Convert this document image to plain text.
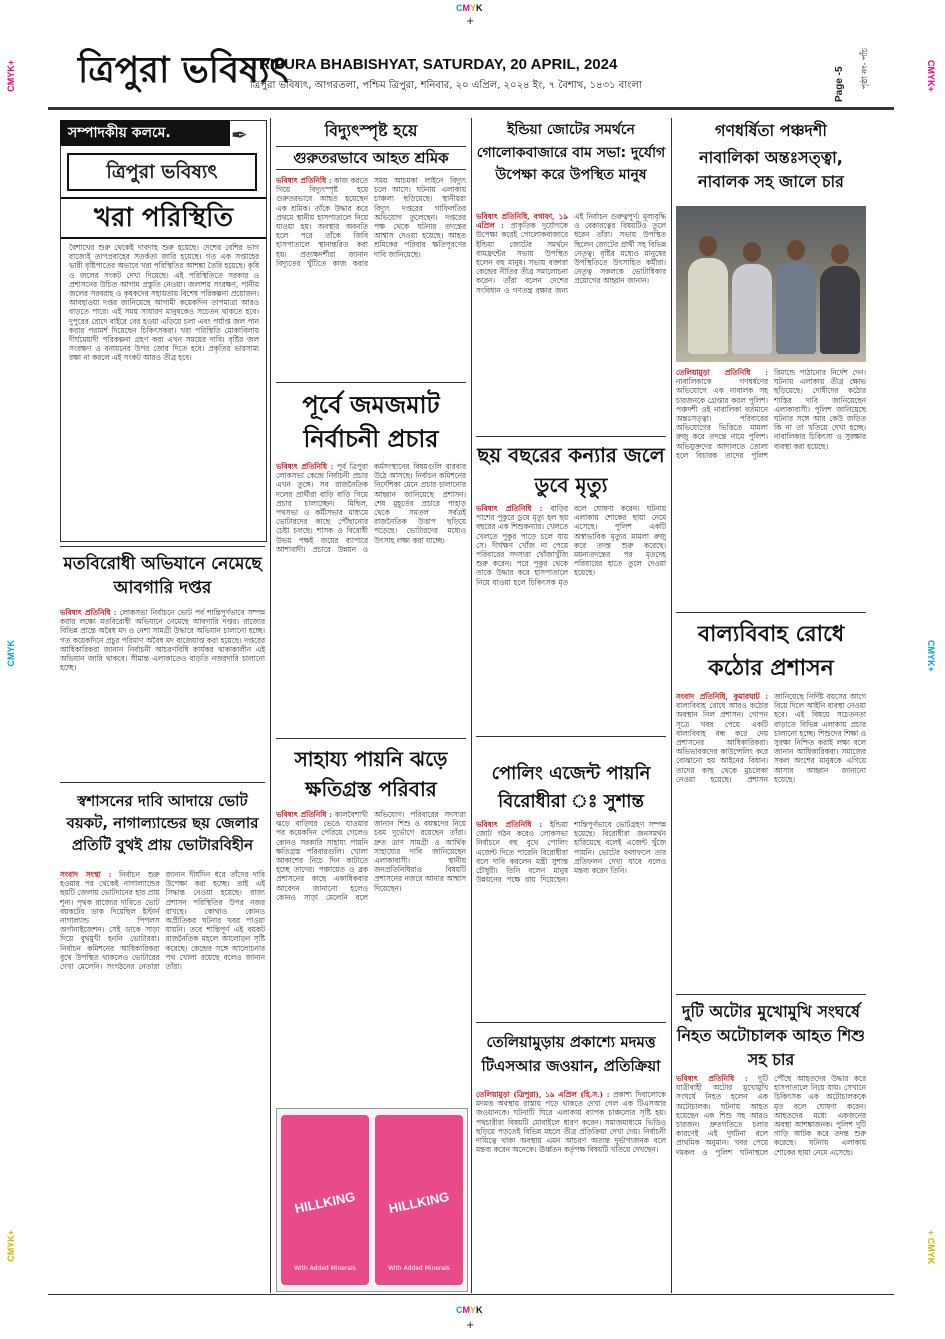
CMYK
+
CMYK
+
CMYK+
CMYK
CMYK+
CMYK+
CMYK+
+ CMYK
ত্রিপুরা ভবিষ্যৎ
TRIPURA BHABISHYAT, SATURDAY, 20 APRIL, 2024
ত্রিপুরা ভবিষ্যৎ, আগরতলা, পশ্চিম ত্রিপুরা, শনিবার, ২০ এপ্রিল, ২০২৪ ইং, ৭ বৈশাখ, ১৪৩১ বাংলা	Page -5	পৃষ্ঠা নং- পাঁচ
সম্পাদকীয় কলমে.	✒
ত্রিপুরা ভবিষ্যৎ
খরা পরিস্থিতি
বৈশাখের শুরু থেকেই দাবদাহ শুরু হয়েছে। দেশের বেশির ভাগ রাজ্যেই তাপপ্রবাহের সতর্কতা জারি হয়েছে। গত এক সপ্তাহের ভারী বৃষ্টিপাতের অভাবে খরা পরিস্থিতির আশঙ্কা তৈরি হয়েছে। কৃষি ও জলের সংকট দেখা দিয়েছে। এই পরিস্থিতিতে সরকার ও প্রশাসনের উচিত আগাম প্রস্তুতি নেওয়া। জলাশয় সংরক্ষণ, পানীয় জলের সরবরাহ ও কৃষকদের সহায়তায় বিশেষ পরিকল্পনা প্রয়োজন। আবহাওয়া দপ্তর জানিয়েছে আগামী কয়েকদিন তাপমাত্রা আরও বাড়তে পারে। এই সময় সাধারণ মানুষকেও সচেতন থাকতে হবে। দুপুরের রোদে বাইরে বের হওয়া এড়িয়ে চলা এবং পর্যাপ্ত জল পান করার পরামর্শ দিয়েছেন চিকিৎসকরা। খরা পরিস্থিতি মোকাবিলায় দীর্ঘমেয়াদী পরিকল্পনা গ্রহণ করা এখন সময়ের দাবি। বৃষ্টির জল সংরক্ষণ ও বনায়নের উপর জোর দিতে হবে। প্রকৃতির ভারসাম্য রক্ষা না করলে এই সংকট আরও তীব্র হবে।
মতবিরোধী অভিযানে নেমেছে আবগারি দপ্তর
ভবিষ্যৎ প্রতিনিধি : লোকসভা নির্বাচনে ভোট পর্ব শান্তিপূর্ণভাবে সম্পন্ন করার লক্ষ্যে মতবিরোধী অভিযানে নেমেছে আবগারি দপ্তর। রাজ্যের বিভিন্ন প্রান্তে অবৈধ মদ ও নেশা সামগ্রী উদ্ধারে অভিযান চালানো হচ্ছে। গত কয়েকদিনে প্রচুর পরিমাণ অবৈধ মদ বাজেয়াপ্ত করা হয়েছে। দপ্তরের আধিকারিকরা জানান নির্বাচনী আচরণবিধি কার্যকর থাকাকালীন এই অভিযান জারি থাকবে। সীমান্ত এলাকাতেও বাড়তি নজরদারি চালানো হচ্ছে।
স্বশাসনের দাবি আদায়ে ভোট বয়কট, নাগাল্যান্ডের ছয় জেলার প্রতিটি বুথই প্রায় ভোটারবিহীন
সংবাদ সংস্থা : নির্বাচন শুরু হওয়ার পর থেকেই নাগাল্যান্ডের ছয়টি জেলায় ভোটদানের হার প্রায় শূন্য। পৃথক রাজ্যের দাবিতে ভোট বয়কটের ডাক দিয়েছিল ইস্টার্ন নাগাল্যান্ড পিপলস অর্গানাইজেশন। সেই ডাকে সাড়া দিয়ে বুথমুখী হননি ভোটাররা। নির্বাচন কমিশনের আধিকারিকরা বুথে উপস্থিত থাকলেও ভোটারের দেখা মেলেনি। সংগঠনের নেতারা জানান দীর্ঘদিন ধরে তাঁদের দাবি উপেক্ষা করা হচ্ছে। তাই এই সিদ্ধান্ত নেওয়া হয়েছে। রাজ্য প্রশাসন পরিস্থিতির উপর নজর রাখছে। কোথাও কোনও অপ্রীতিকর ঘটনার খবর পাওয়া যায়নি। তবে শান্তিপূর্ণ এই বয়কট রাজনৈতিক মহলে আলোড়ন সৃষ্টি করেছে। কেন্দ্রের সঙ্গে আলোচনার পথ খোলা রয়েছে বলেও জানান তাঁরা।
বিদ্যুৎস্পৃষ্ট হয়ে
গুরুতরভাবে আহত শ্রমিক
ভবিষ্যৎ প্রতিনিধি : কাজ করতে গিয়ে বিদ্যুৎস্পৃষ্ট হয়ে গুরুতরভাবে আহত হয়েছেন এক শ্রমিক। তাঁকে উদ্ধার করে প্রথমে স্থানীয় হাসপাতালে নিয়ে যাওয়া হয়। অবস্থার অবনতি হলে পরে তাঁকে জিবি হাসপাতালে স্থানান্তরিত করা হয়। প্রত্যক্ষদর্শীরা জানান বিদ্যুতের খুঁটিতে কাজ করার সময় আচমকা লাইনে বিদ্যুৎ চলে আসে। ঘটনায় এলাকায় চাঞ্চল্য ছড়িয়েছে। স্থানীয়রা বিদ্যুৎ দপ্তরের গাফিলতির অভিযোগ তুলেছেন। দপ্তরের পক্ষ থেকে ঘটনার তদন্তের আশ্বাস দেওয়া হয়েছে। আহত শ্রমিকের পরিবার ক্ষতিপূরণের দাবি জানিয়েছে।
পূর্বে জমজমাট নির্বাচনী প্রচার
ভবিষ্যৎ প্রতিনিধি : পূর্ব ত্রিপুরা লোকসভা কেন্দ্রে নির্বাচনী প্রচার এখন তুঙ্গে। সব রাজনৈতিক দলের প্রার্থীরা বাড়ি বাড়ি গিয়ে প্রচার চালাচ্ছেন। মিছিল, পথসভা ও কর্মীসভার মাধ্যমে ভোটারদের কাছে পৌঁছানোর চেষ্টা চলছে। শাসক ও বিরোধী উভয় পক্ষই জয়ের ব্যাপারে আশাবাদী। প্রচারে উন্নয়ন ও কর্মসংস্থানের বিষয়গুলি বারবার উঠে আসছে। নির্বাচন কমিশনের নির্দেশিকা মেনে প্রচার চালানোর আহ্বান জানিয়েছে প্রশাসন। শেষ মুহূর্তের প্রচারে পাহাড় থেকে সমতল সর্বত্রই রাজনৈতিক উত্তাপ ছড়িয়ে পড়েছে। ভোটারদের মধ্যেও উৎসাহ লক্ষ্য করা যাচ্ছে।
সাহায্য পায়নি ঝড়ে ক্ষতিগ্রস্ত পরিবার
ভবিষ্যৎ প্রতিনিধি : কালবৈশাখী ঝড়ে বাড়িঘর ভেঙে যাওয়ার পর কয়েকদিন পেরিয়ে গেলেও কোনও সরকারি সাহায্য পায়নি ক্ষতিগ্রস্ত পরিবারগুলি। খোলা আকাশের নিচে দিন কাটাতে হচ্ছে তাদের। পঞ্চায়েত ও ব্লক প্রশাসনের কাছে একাধিকবার আবেদন জানানো হলেও কোনও সাড়া মেলেনি বলে অভিযোগ। পরিবারের সদস্যরা জানান শিশু ও বয়স্কদের নিয়ে চরম দুর্ভোগে রয়েছেন তাঁরা। দ্রুত ত্রাণ সামগ্রী ও আর্থিক সাহায্যের দাবি জানিয়েছেন এলাকাবাসী। স্থানীয় জনপ্রতিনিধিরাও বিষয়টি প্রশাসনের নজরে আনার আশ্বাস দিয়েছেন।
HILLKING
With Added Minerals
HILLKING
With Added Minerals
ইন্ডিয়া জোটের সমর্থনে
গোলোকবাজারে বাম সভা: দুর্যোগ উপেক্ষা করে উপস্থিত মানুষ
ভবিষ্যৎ প্রতিনিধি, বগাফা, ১৯ এপ্রিল : প্রাকৃতিক দুর্যোগকে উপেক্ষা করেই গোলোকবাজারে ইন্ডিয়া জোটের সমর্থনে বামফ্রন্টের সভায় উপস্থিত হলেন বহু মানুষ। সভায় বক্তারা কেন্দ্রের নীতির তীব্র সমালোচনা করেন। তাঁরা বলেন দেশের সংবিধান ও গণতন্ত্র রক্ষার জন্য এই নির্বাচন গুরুত্বপূর্ণ। মূল্যবৃদ্ধি ও বেকারত্বের বিষয়টিও তুলে ধরেন তাঁরা। সভায় উপস্থিত ছিলেন জোটের প্রার্থী সহ বিভিন্ন নেতৃত্ব। বৃষ্টির মধ্যেও মানুষের উপস্থিতিতে উৎসাহিত কর্মীরা। নেতৃত্ব সকলকে ভোটাধিকার প্রয়োগের আহ্বান জানান।
ছয় বছরের কন্যার জলে ডুবে মৃত্যু
ভবিষ্যৎ প্রতিনিধি : বাড়ির পাশের পুকুরে ডুবে মৃত্যু হল ছয় বছরের এক শিশুকন্যার। খেলতে খেলতে পুকুর পাড়ে চলে যায় সে। দীর্ঘক্ষণ খোঁজ না পেয়ে পরিবারের সদস্যরা খোঁজাখুঁজি শুরু করেন। পরে পুকুর থেকে তাকে উদ্ধার করে হাসপাতালে নিয়ে যাওয়া হলে চিকিৎসক মৃত বলে ঘোষণা করেন। ঘটনায় এলাকায় শোকের ছায়া নেমে এসেছে। পুলিশ একটি অস্বাভাবিক মৃত্যুর মামলা রুজু করে তদন্ত শুরু করেছে। ময়নাতদন্তের পর মৃতদেহ পরিবারের হাতে তুলে দেওয়া হয়েছে।
পোলিং এজেন্ট পায়নি বিরোধীরা ঃ সুশান্ত
ভবিষ্যৎ প্রতিনিধি : ইন্ডিয়া জোট গঠন করেও লোকসভা নির্বাচনে বহু বুথে পোলিং এজেন্ট দিতে পারেনি বিরোধীরা বলে দাবি করলেন মন্ত্রী সুশান্ত চৌধুরী। তিনি বলেন মানুষ উন্নয়নের পক্ষে রায় দিয়েছেন। শান্তিপূর্ণভাবে ভোটগ্রহণ সম্পন্ন হয়েছে। বিরোধীরা জনসমর্থন হারিয়েছে বলেই এজেন্ট খুঁজে পায়নি। ভোটের ফলাফলে তার প্রতিফলন দেখা যাবে বলেও মন্তব্য করেন তিনি।
তেলিয়ামুড়ায় প্রকাশ্যে মদমত্ত টিএসআর জওয়ান, প্রতিক্রিয়া
তেলিয়ামুড়া (ত্রিপুরা), ১৯ এপ্রিল (হি.স.) : প্রকাশ্য দিবালোকে মদমত্ত অবস্থায় রাস্তায় পড়ে থাকতে দেখা গেল এক টিএসআর জওয়ানকে। ঘটনাটি ঘিরে এলাকায় ব্যাপক চাঞ্চল্যের সৃষ্টি হয়। পথচারীরা বিষয়টি মোবাইলে ধারণ করেন। সমাজমাধ্যমে ভিডিও ছড়িয়ে পড়তেই বিভিন্ন মহলে তীব্র প্রতিক্রিয়া দেখা দেয়। নির্বাচনী দায়িত্বে থাকা অবস্থায় এমন আচরণ অত্যন্ত দুর্ভাগ্যজনক বলে মন্তব্য করেন অনেকে। ঊর্ধ্বতন কর্তৃপক্ষ বিষয়টি খতিয়ে দেখছেন।
গণধর্ষিতা পঞ্চদশী
নাবালিকা অন্তঃসত্ত্বা, নাবালক সহ জালে চার
তেলিয়ামুড়া প্রতিনিধি : নাবালিকাকে গণধর্ষণের অভিযোগে এক নাবালক সহ চারজনকে গ্রেপ্তার করল পুলিশ। পঞ্চদশী ওই নাবালিকা বর্তমানে অন্তঃসত্ত্বা। পরিবারের অভিযোগের ভিত্তিতে মামলা রুজু করে তদন্তে নামে পুলিশ। অভিযুক্তদের আদালতে তোলা হলে বিচারক তাদের পুলিশ রিমান্ডে পাঠানোর নির্দেশ দেন। ঘটনায় এলাকায় তীব্র ক্ষোভ ছড়িয়েছে। দোষীদের কঠোর শাস্তির দাবি জানিয়েছেন এলাকাবাসী। পুলিশ জানিয়েছে ঘটনার সঙ্গে আর কেউ জড়িত কি না তা খতিয়ে দেখা হচ্ছে। নাবালিকার চিকিৎসা ও সুরক্ষার ব্যবস্থা করা হয়েছে।
বাল্যবিবাহ রোধে কঠোর প্রশাসন
সংবাদ প্রতিনিধি, কুমারঘাট : বাল্যবিবাহ রোধে আরও কঠোর অবস্থান নিল প্রশাসন। গোপন সূত্রে খবর পেয়ে একটি বাল্যবিবাহ বন্ধ করে দেয় প্রশাসনের আধিকারিকরা। অভিভাবকদের কাউন্সেলিং করে বোঝানো হয় আইনের বিধান। তাদের কাছ থেকে মুচলেকা নেওয়া হয়েছে। প্রশাসন জানিয়েছে নির্দিষ্ট বয়সের আগে বিয়ে দিলে আইনি ব্যবস্থা নেওয়া হবে। এই বিষয়ে সচেতনতা বাড়াতে বিভিন্ন এলাকায় প্রচার চালানো হচ্ছে। শিশুদের শিক্ষা ও সুরক্ষা নিশ্চিত করাই লক্ষ্য বলে জানান আধিকারিকরা। সমাজের সকল অংশের মানুষকে এগিয়ে আসার আহ্বান জানানো হয়েছে।
দুটি অটোর মুখোমুখি সংঘর্ষে নিহত অটোচালক আহত শিশু সহ চার
ভবিষ্যৎ প্রতিনিধি : দুটি যাত্রীবাহী অটোর মুখোমুখি সংঘর্ষে নিহত হলেন এক অটোচালক। ঘটনায় আহত হয়েছেন এক শিশু সহ আরও চারজন। দ্রুতগতিতে চলার কারণেই এই দুর্ঘটনা বলে প্রাথমিক অনুমান। খবর পেয়ে দমকল ও পুলিশ ঘটনাস্থলে পৌঁছে আহতদের উদ্ধার করে হাসপাতালে নিয়ে যায়। সেখানে চিকিৎসক এক অটোচালককে মৃত বলে ঘোষণা করেন। আহতদের মধ্যে একজনের অবস্থা আশঙ্কাজনক। পুলিশ দুটি গাড়ি আটক করে তদন্ত শুরু করেছে। ঘটনায় এলাকায় শোকের ছায়া নেমে এসেছে।
